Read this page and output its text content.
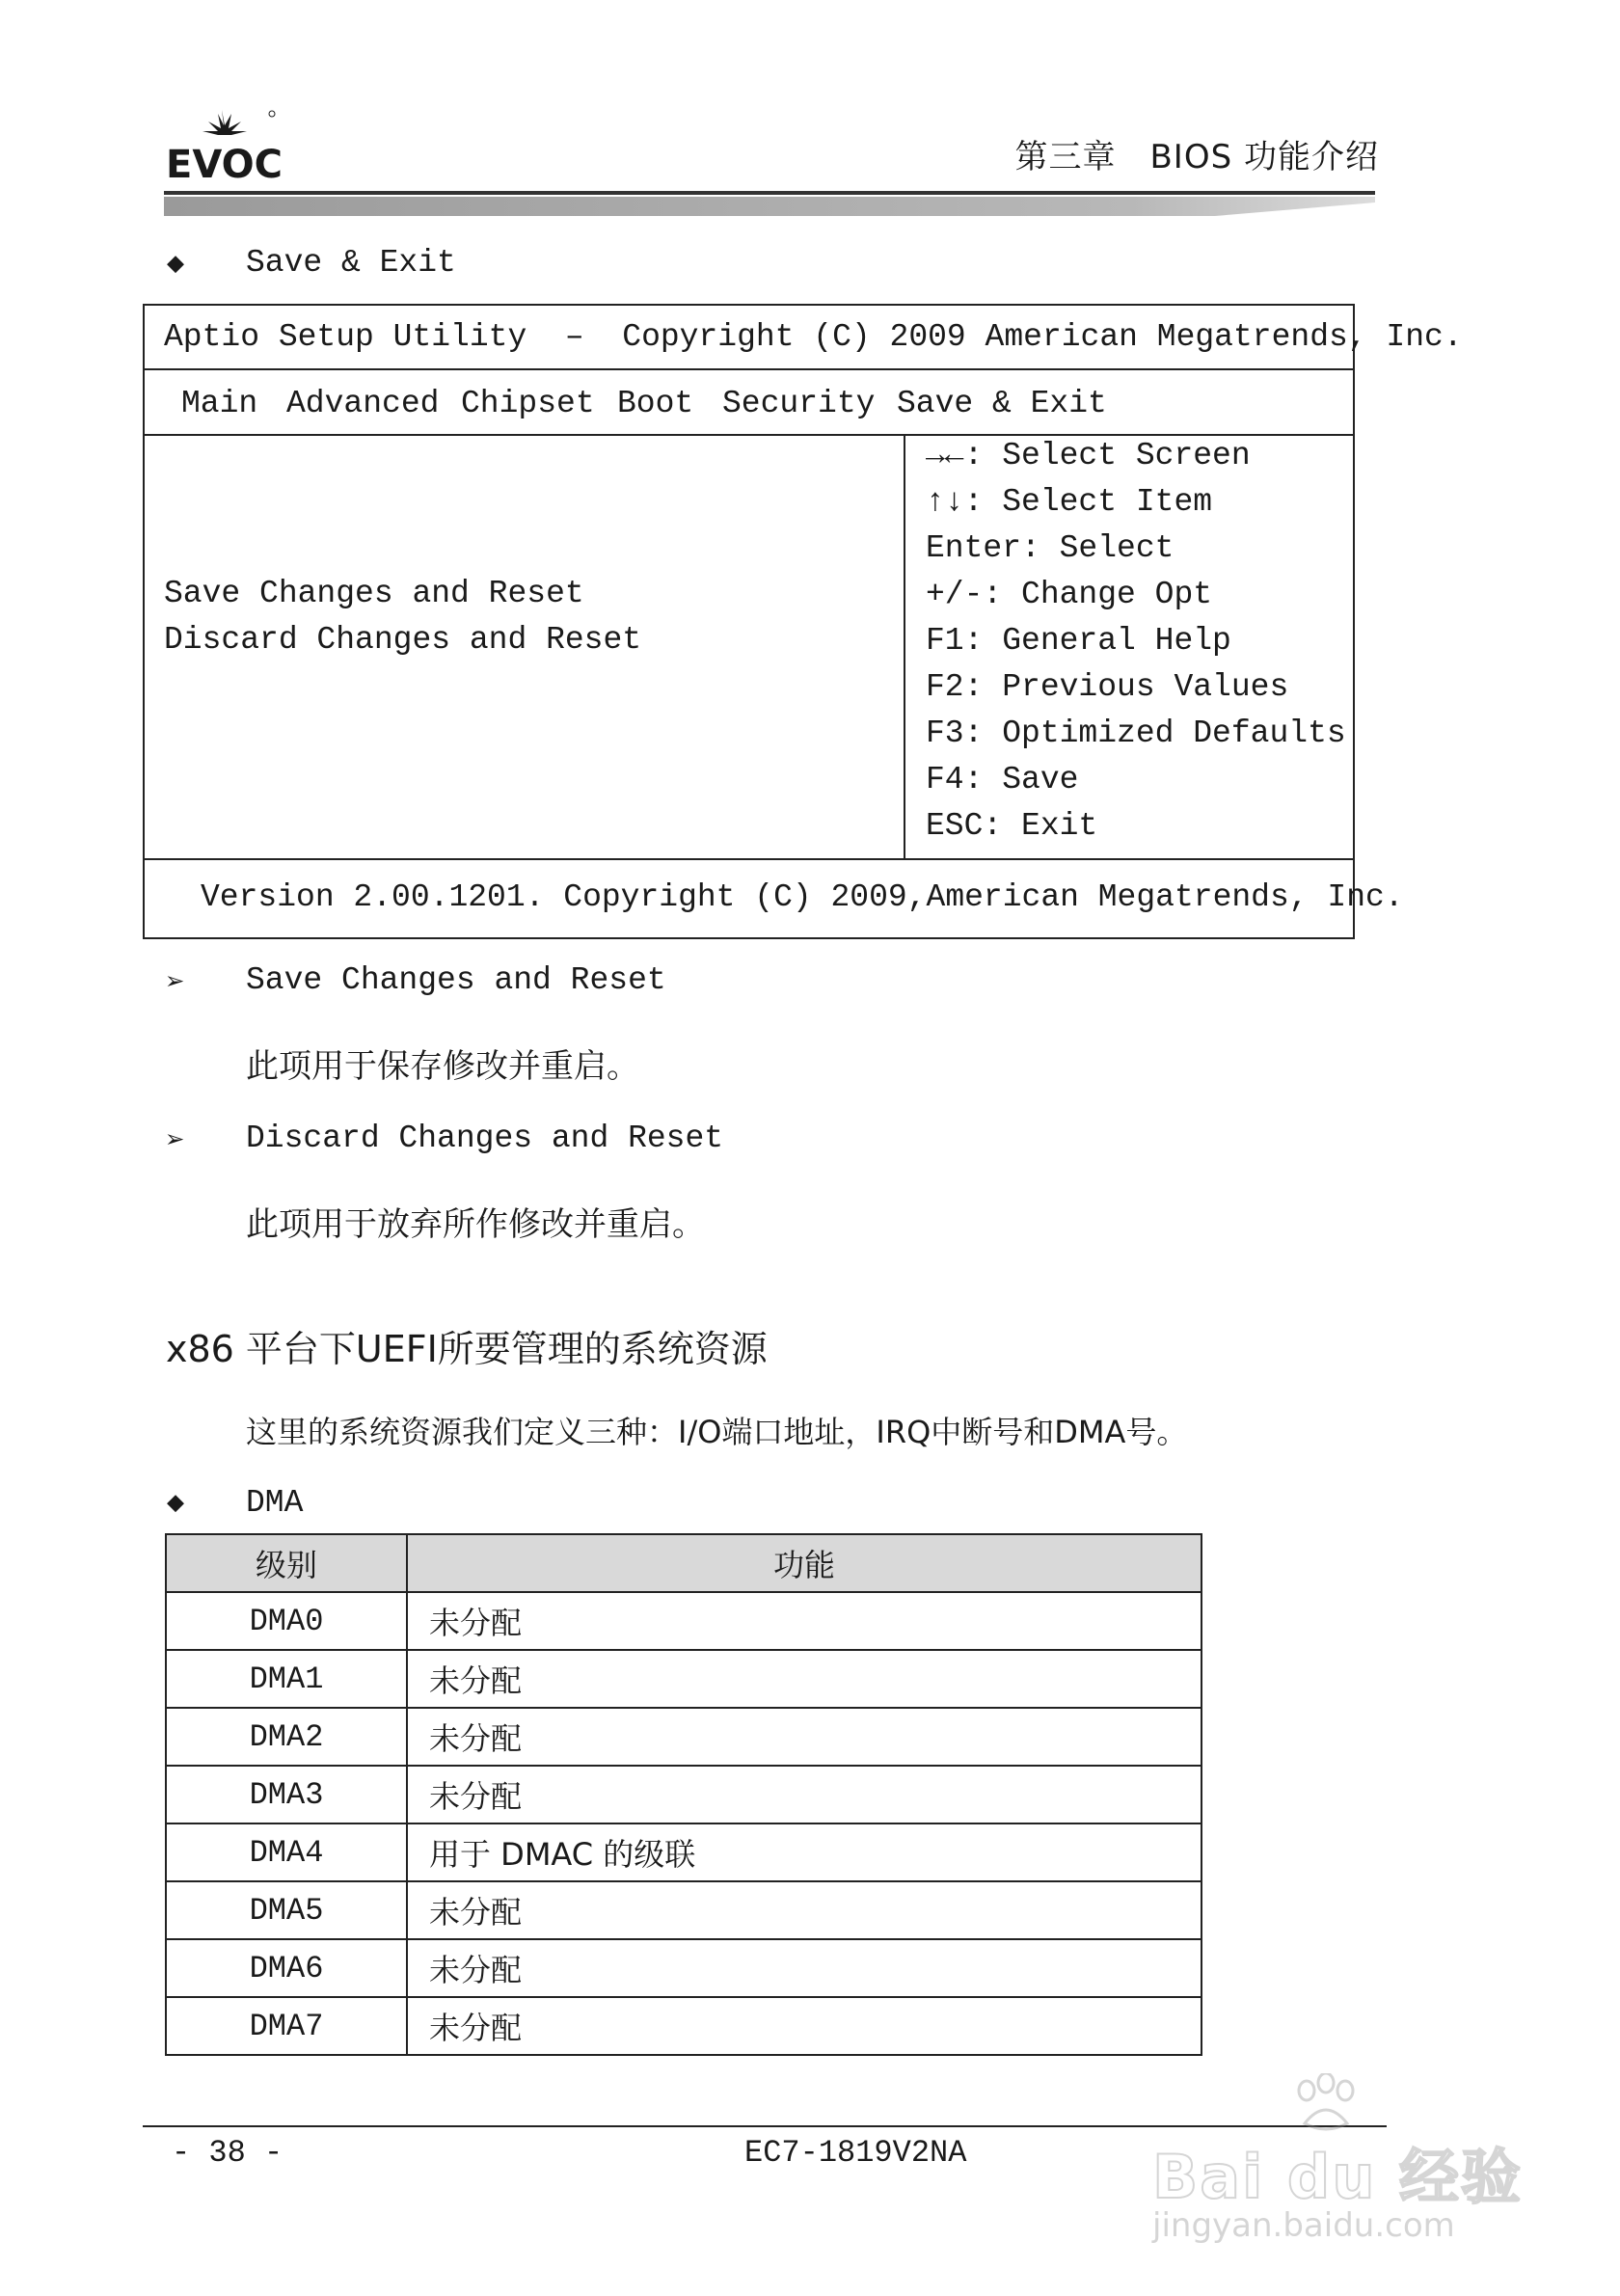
EVOC	第三章　BIOS 功能介绍
◆ Save & Exit
Aptio Setup Utility  –  Copyright (C) 2009 American Megatrends, Inc.
Main Advanced Chipset Boot Security Save & Exit
Save Changes and Reset
Discard Changes and Reset
→←: Select Screen
↑↓: Select Item
Enter: Select
+/-: Change Opt
F1: General Help
F2: Previous Values
F3: Optimized Defaults
F4: Save
ESC: Exit
Version 2.00.1201. Copyright (C) 2009,American Megatrends, Inc.
➢ Save Changes and Reset
此项用于保存修改并重启。
➢ Discard Changes and Reset
此项用于放弃所作修改并重启。
x86 平台下UEFI所要管理的系统资源
这里的系统资源我们定义三种：I/O端口地址，IRQ中断号和DMA号。
◆ DMA
级别	功能
DMA0	未分配
DMA1	未分配
DMA2	未分配
DMA3	未分配
DMA4	用于 DMAC 的级联
DMA5	未分配
DMA6	未分配
DMA7	未分配
- 38 -	EC7-1819V2NA	Bai du 经验
jingyan.baidu.com
